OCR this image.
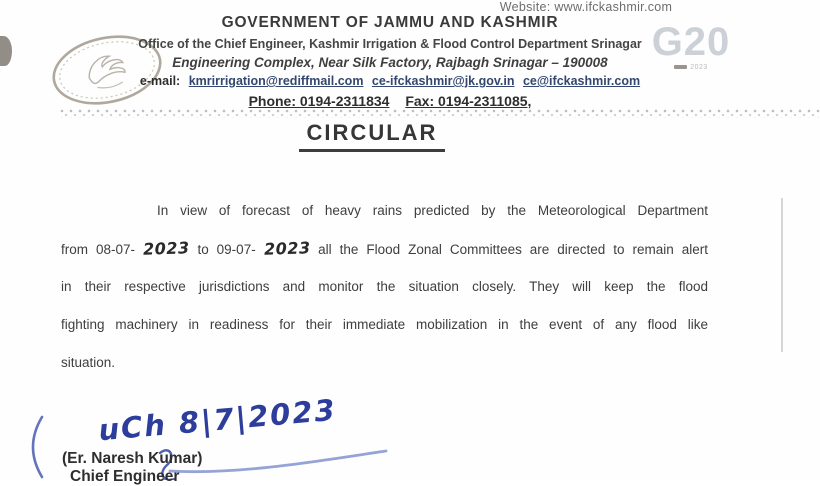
Website: www.ifckashmir.com
GOVERNMENT OF JAMMU AND KASHMIR
Office of the Chief Engineer, Kashmir Irrigation & Flood Control Department Srinagar
Engineering Complex, Near Silk Factory, Rajbagh Srinagar – 190008
e-mail: kmrirrigation@rediffmail.com ce-ifckashmir@jk.gov.in ce@ifckashmir.com
Phone: 0194-2311834 Fax: 0194-2311085,
G20
2023
CIRCULAR
In view of forecast of heavy rains predicted by the Meteorological Department
from 08-07- 2023 to 09-07- 2023 all the Flood Zonal Committees are directed to remain alert
in their respective jurisdictions and monitor the situation closely. They will keep the flood
fighting machinery in readiness for their immediate mobilization in the event of any flood like
situation.
uCh 8|7|2023
(Er. Naresh Kumar)
Chief Engineer
